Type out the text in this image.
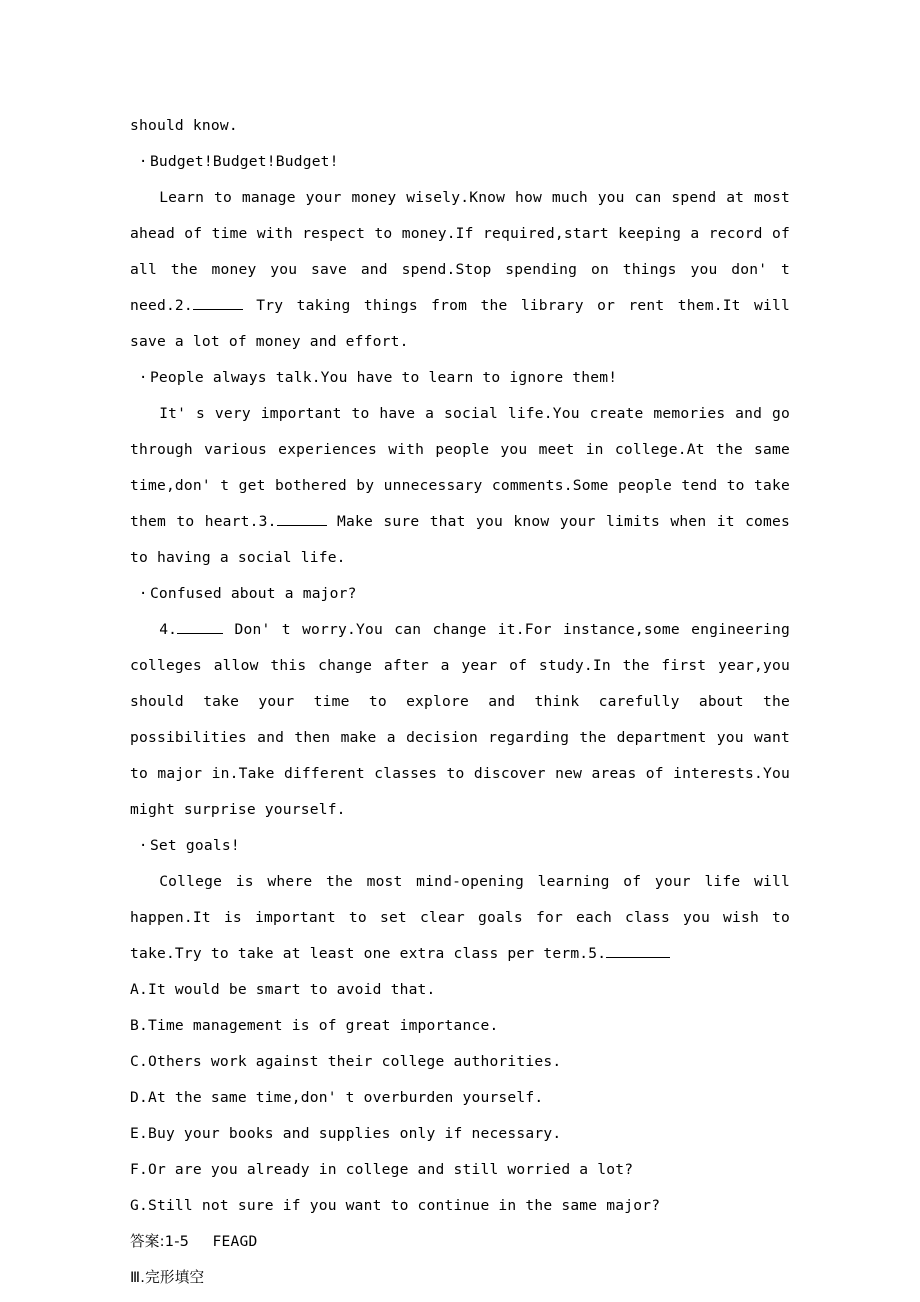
should know.

· Budget!Budget!Budget!

Learn to manage your money wisely.Know how much you can spend at most ahead of time with respect to money.If required,start keeping a record of all the money you save and spend.Stop spending on things you don' t need.2.	Try taking things from the library or rent them.It will save a lot of money and effort.

· People always talk.You have to learn to ignore them!

It' s very important to have a social life.You create memories and go through various experiences with people you meet in college.At the same time,don' t get bothered by unnecessary comments.Some people tend to take them to heart.3.	Make sure that you know your limits when it comes to having a social life.

· Confused about a major?

4.	Don' t worry.You can change it.For instance,some engineering colleges allow this change after a year of study.In the first year,you should take your time to explore and think carefully about the possibilities and then make a decision regarding the department you want to major in.Take different classes to discover new areas of interests.You might surprise yourself.

· Set goals!

College is where the most mind-opening learning of your life will happen.It is important to set clear goals for each class you wish to take.Try to take at least one extra class per term.5.

A.It would be smart to avoid that.

B.Time management is of great importance.

C.Others work against their college authorities.

D.At the same time,don' t overburden yourself.

E.Buy your books and supplies only if necessary.

F.Or are you already in college and still worried a lot?

G.Still not sure if you want to continue in the same major?

答案:1-5 FEAGD

Ⅲ.完形填空
